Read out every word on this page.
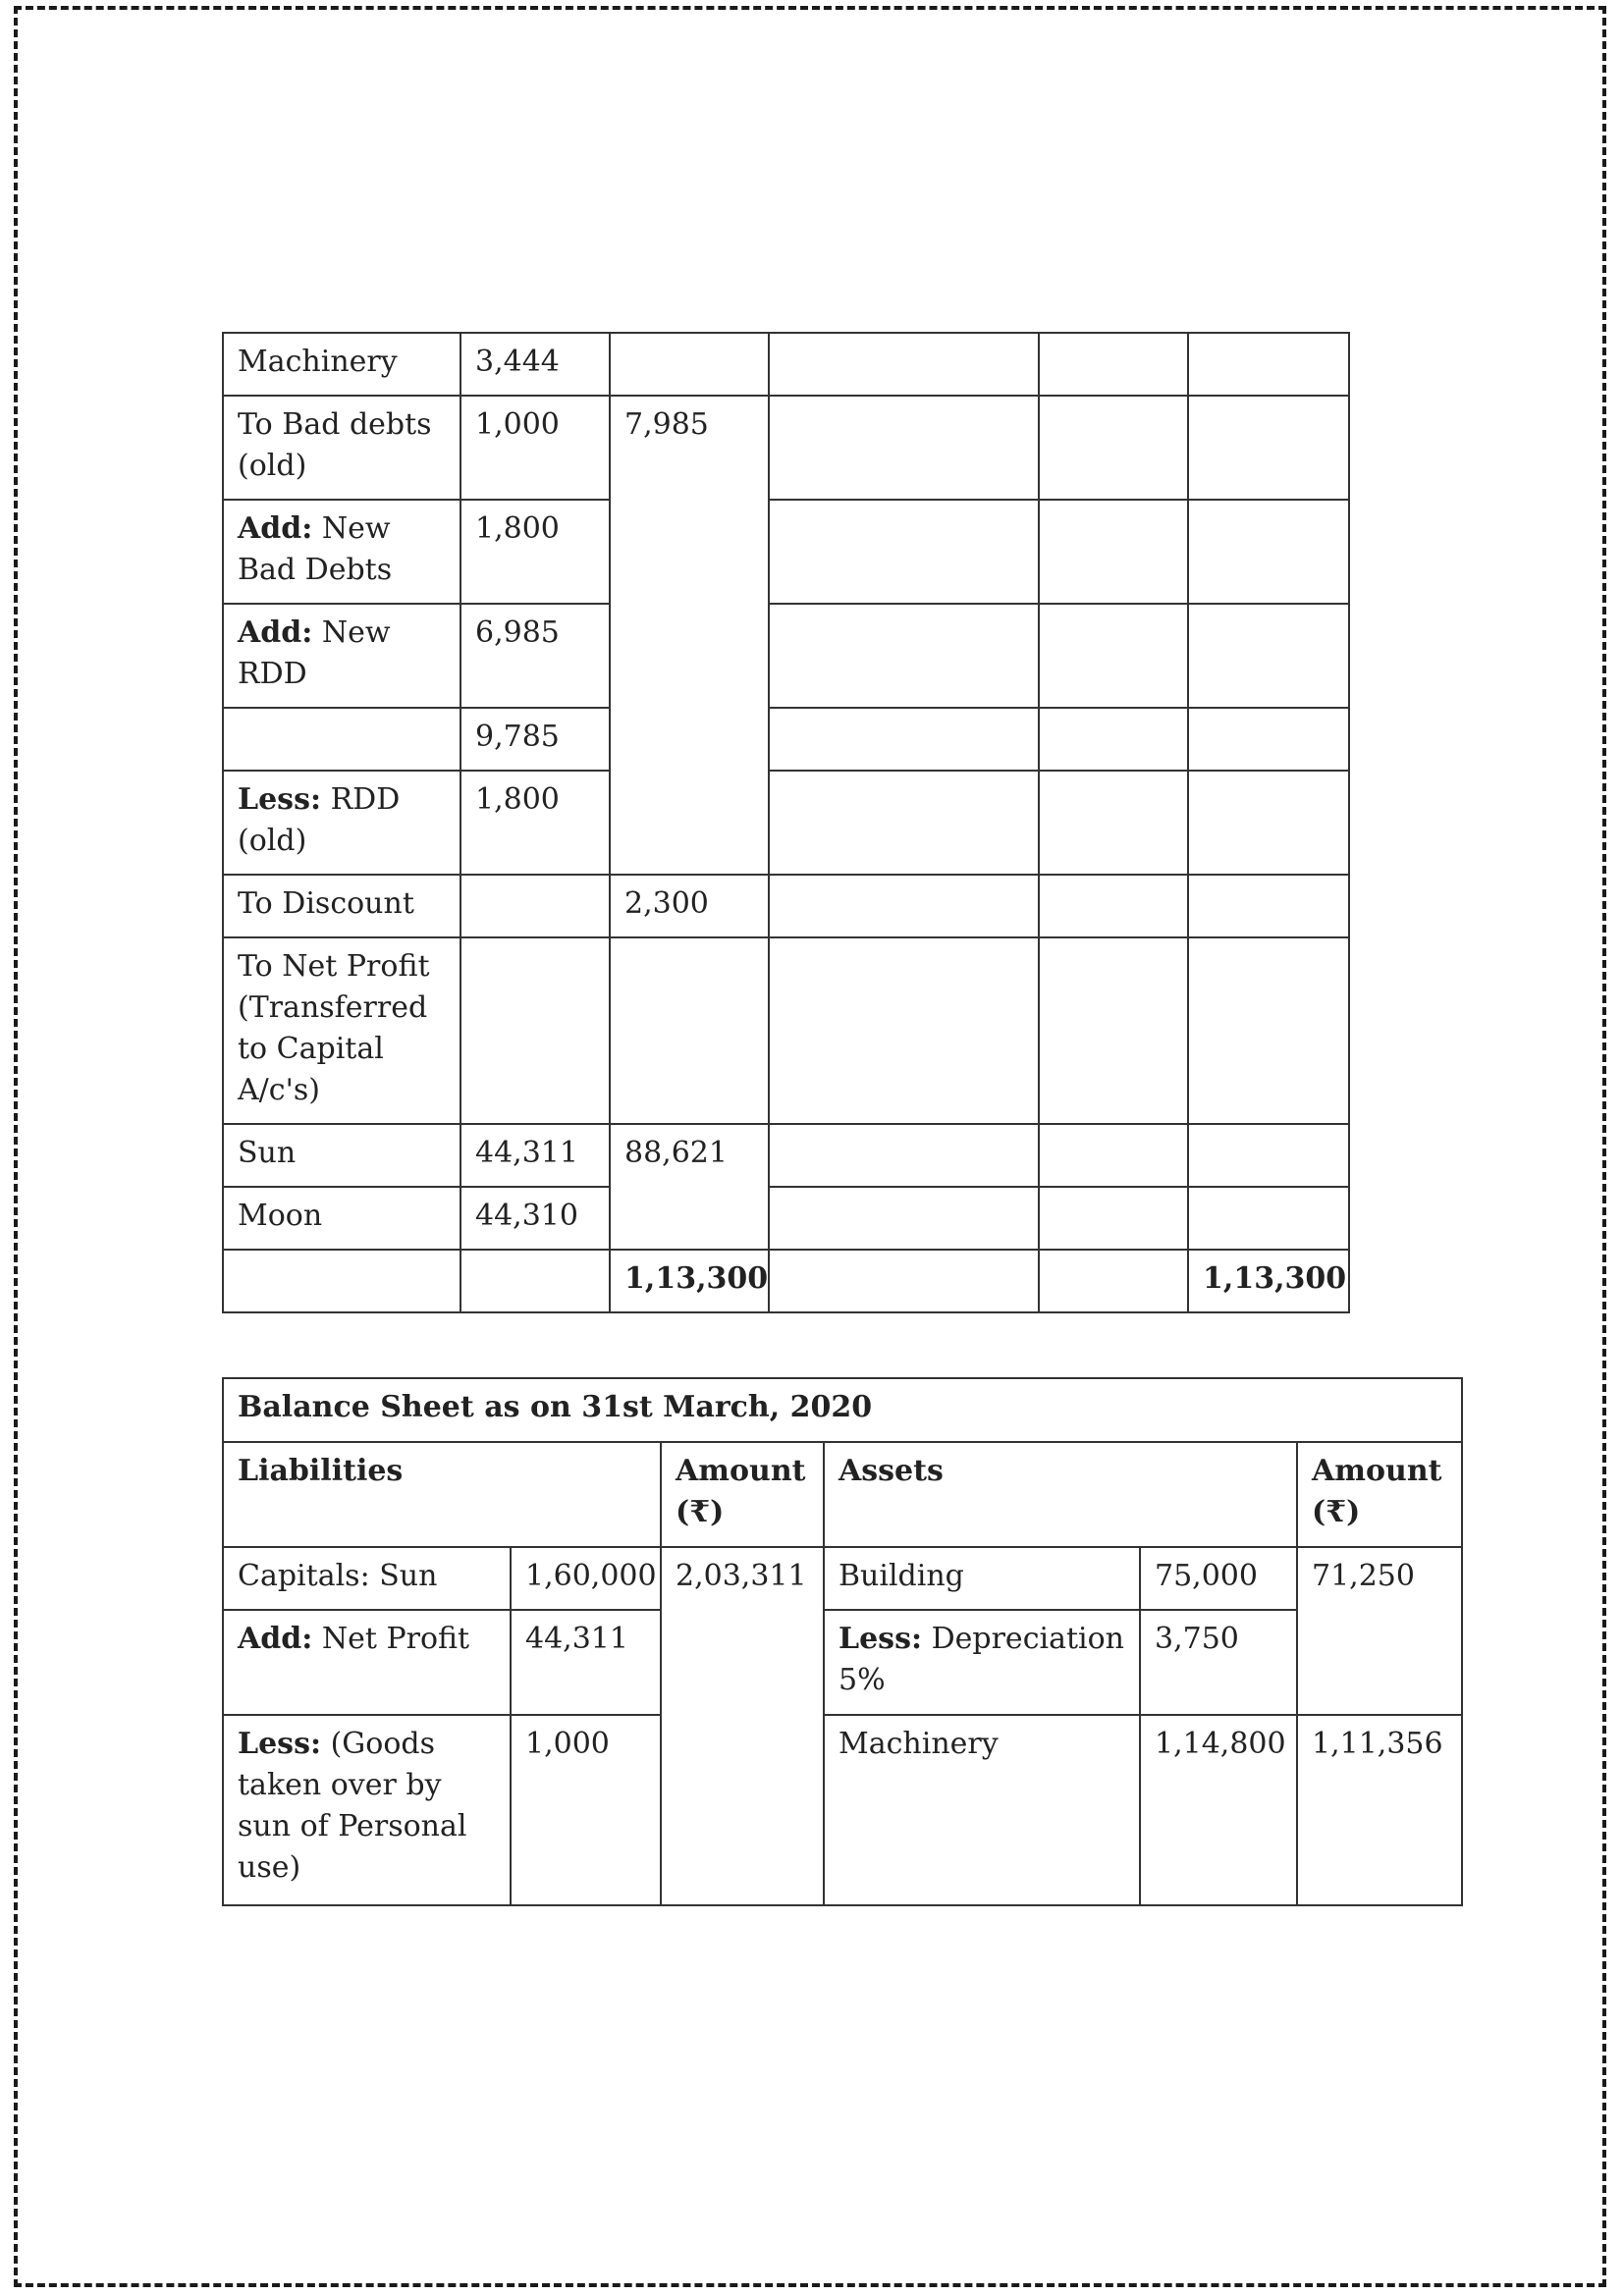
Machinery	3,444				
To Bad debts (old)	1,000	7,985			
Add: New Bad Debts	1,800				
Add: New RDD	6,985				
	9,785				
Less: RDD (old)	1,800				
To Discount		2,300			
To Net Profit (Transferred to Capital A/c's)					
Sun	44,311	88,621			
Moon	44,310				
		1,13,300			1,13,300
Balance Sheet as on 31st March, 2020					
Liabilities		Amount (₹)	Assets		Amount (₹)
Capitals: Sun	1,60,000	2,03,311	Building	75,000	71,250
Add: Net Profit	44,311		Less: Depreciation 5%	3,750	
Less: (Goods taken over by sun of Personal use)	1,000		Machinery	1,14,800	1,11,356
